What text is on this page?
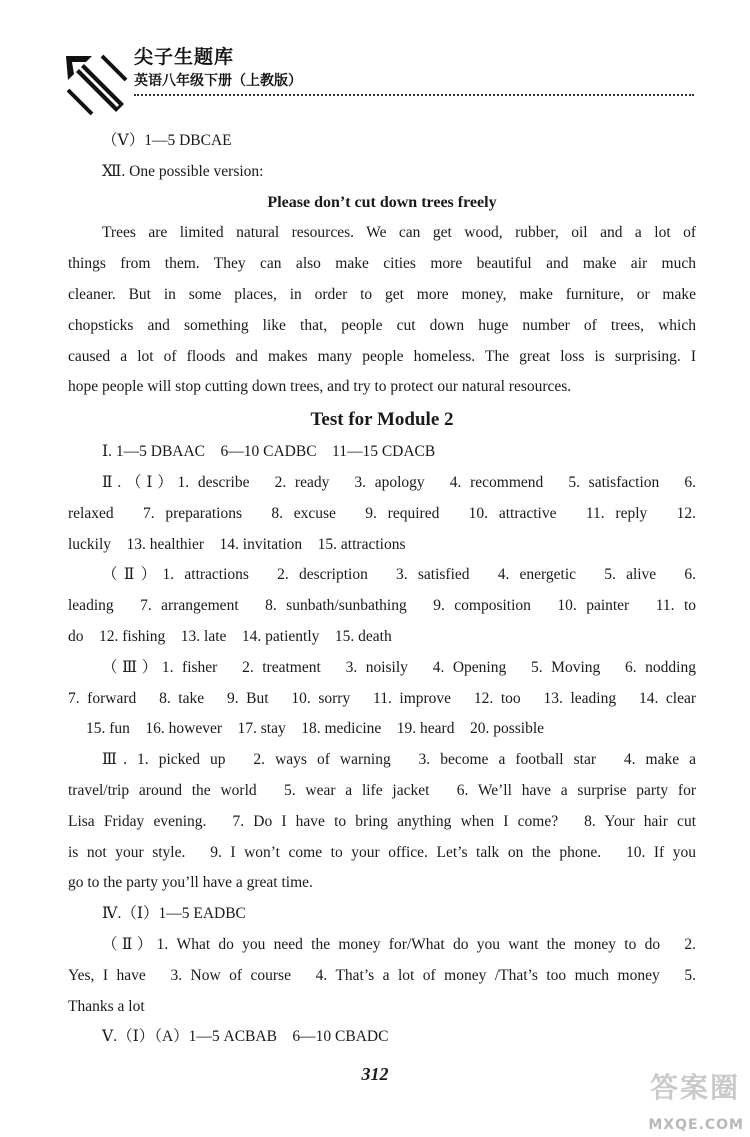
尖子生题库
英语八年级下册（上教版）
（Ⅴ）1—5 DBCAE
Ⅻ. One possible version:
Please don’t cut down trees freely
Trees are limited natural resources. We can get wood, rubber, oil and a lot of
things from them. They can also make cities more beautiful and make air much
cleaner. But in some places, in order to get more money, make furniture, or make
chopsticks and something like that, people cut down huge number of trees, which
caused a lot of floods and makes many people homeless. The great loss is surprising. I
hope people will stop cutting down trees, and try to protect our natural resources.
Test for Module 2
Ⅰ. 1—5 DBAAC　6—10 CADBC　11—15 CDACB
Ⅱ.（Ⅰ）1. describe　2. ready　3. apology　4. recommend　5. satisfaction　6.
relaxed　7. preparations　8. excuse　9. required　10. attractive　11. reply　12.
luckily　13. healthier　14. invitation　15. attractions
（Ⅱ）1. attractions　2. description　3. satisfied　4. energetic　5. alive　6.
leading　7. arrangement　8. sunbath/sunbathing　9. composition　10. painter　11. to
do　12. fishing　13. late　14. patiently　15. death
（Ⅲ）1. fisher　2. treatment　3. noisily　4. Opening　5. Moving　6. nodding
7. forward　8. take　9. But　10. sorry　11. improve　12. too　13. leading　14. clear
15. fun　16. however　17. stay　18. medicine　19. heard　20. possible
Ⅲ. 1. picked up　2. ways of warning　3. become a football star　4. make a
travel/trip around the world　5. wear a life jacket　6. We’ll have a surprise party for
Lisa Friday evening.　7. Do I have to bring anything when I come?　8. Your hair cut
is not your style.　9. I won’t come to your office. Let’s talk on the phone.　10. If you
go to the party you’ll have a great time.
Ⅳ.（Ⅰ）1—5 EADBC
（Ⅱ）1. What do you need the money for/What do you want the money to do　2.
Yes, I have　3. Now of course　4. That’s a lot of money /That’s too much money　5.
Thanks a lot
Ⅴ.（Ⅰ）（A）1—5 ACBAB　6—10 CBADC
312	答案圈
MXQE.COM
